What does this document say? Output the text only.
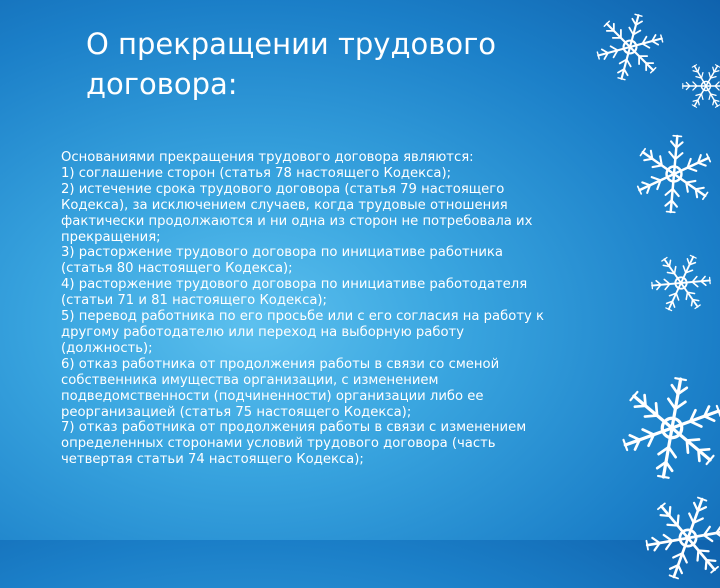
О прекращении трудового
договора:
Основаниями прекращения трудового договора являются:
1) соглашение сторон (статья 78 настоящего Кодекса);
2) истечение срока трудового договора (статья 79 настоящего
Кодекса), за исключением случаев, когда трудовые отношения
фактически продолжаются и ни одна из сторон не потребовала их
прекращения;
3) расторжение трудового договора по инициативе работника
(статья 80 настоящего Кодекса);
4) расторжение трудового договора по инициативе работодателя
(статьи 71 и 81 настоящего Кодекса);
5) перевод работника по его просьбе или с его согласия на работу к
другому работодателю или переход на выборную работу
(должность);
6) отказ работника от продолжения работы в связи со сменой
собственника имущества организации, с изменением
подведомственности (подчиненности) организации либо ее
реорганизацией (статья 75 настоящего Кодекса);
7) отказ работника от продолжения работы в связи с изменением
определенных сторонами условий трудового договора (часть
четвертая статьи 74 настоящего Кодекса);
